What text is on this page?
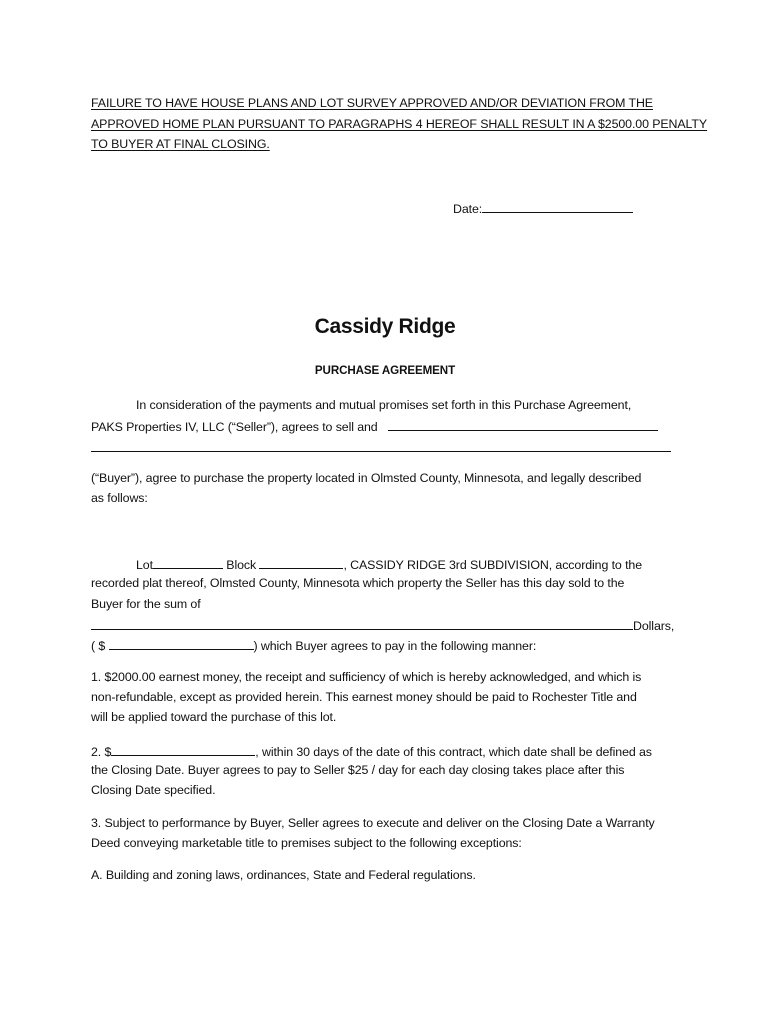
FAILURE TO HAVE HOUSE PLANS AND LOT SURVEY APPROVED AND/OR DEVIATION FROM THE
APPROVED HOME PLAN PURSUANT TO PARAGRAPHS 4 HEREOF SHALL RESULT IN A $2500.00 PENALTY
TO BUYER AT FINAL CLOSING.
Date:
Cassidy Ridge
PURCHASE AGREEMENT
In consideration of the payments and mutual promises set forth in this Purchase Agreement,
PAKS Properties IV, LLC (“Seller”), agrees to sell and
(“Buyer”), agree to purchase the property located in Olmsted County, Minnesota, and legally described
as follows:
Lot	Block	, CASSIDY RIDGE 3rd SUBDIVISION, according to the
recorded plat thereof, Olmsted County, Minnesota which property the Seller has this day sold to the
Buyer for the sum of
Dollars,
( $	) which Buyer agrees to pay in the following manner:
1. $2000.00 earnest money, the receipt and sufficiency of which is hereby acknowledged, and which is
non-refundable, except as provided herein. This earnest money should be paid to Rochester Title and
will be applied toward the purchase of this lot.
2. $	, within 30 days of the date of this contract, which date shall be defined as
the Closing Date. Buyer agrees to pay to Seller $25 / day for each day closing takes place after this
Closing Date specified.
3. Subject to performance by Buyer, Seller agrees to execute and deliver on the Closing Date a Warranty
Deed conveying marketable title to premises subject to the following exceptions:
A. Building and zoning laws, ordinances, State and Federal regulations.
